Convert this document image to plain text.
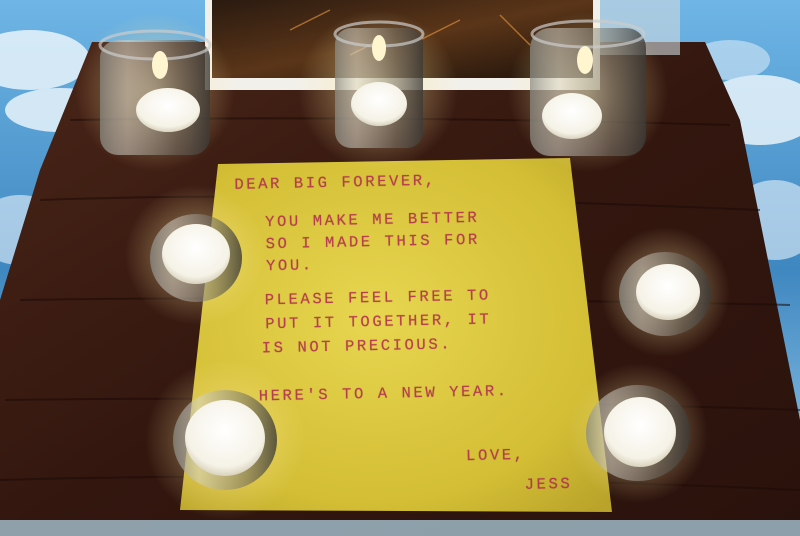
DEAR BIG FOREVER,
YOU MAKE ME BETTER
SO I MADE THIS FOR
YOU.
PLEASE FEEL FREE TO
PUT IT TOGETHER, IT
IS NOT PRECIOUS.
HERE'S TO A NEW YEAR.
LOVE,
JESS
